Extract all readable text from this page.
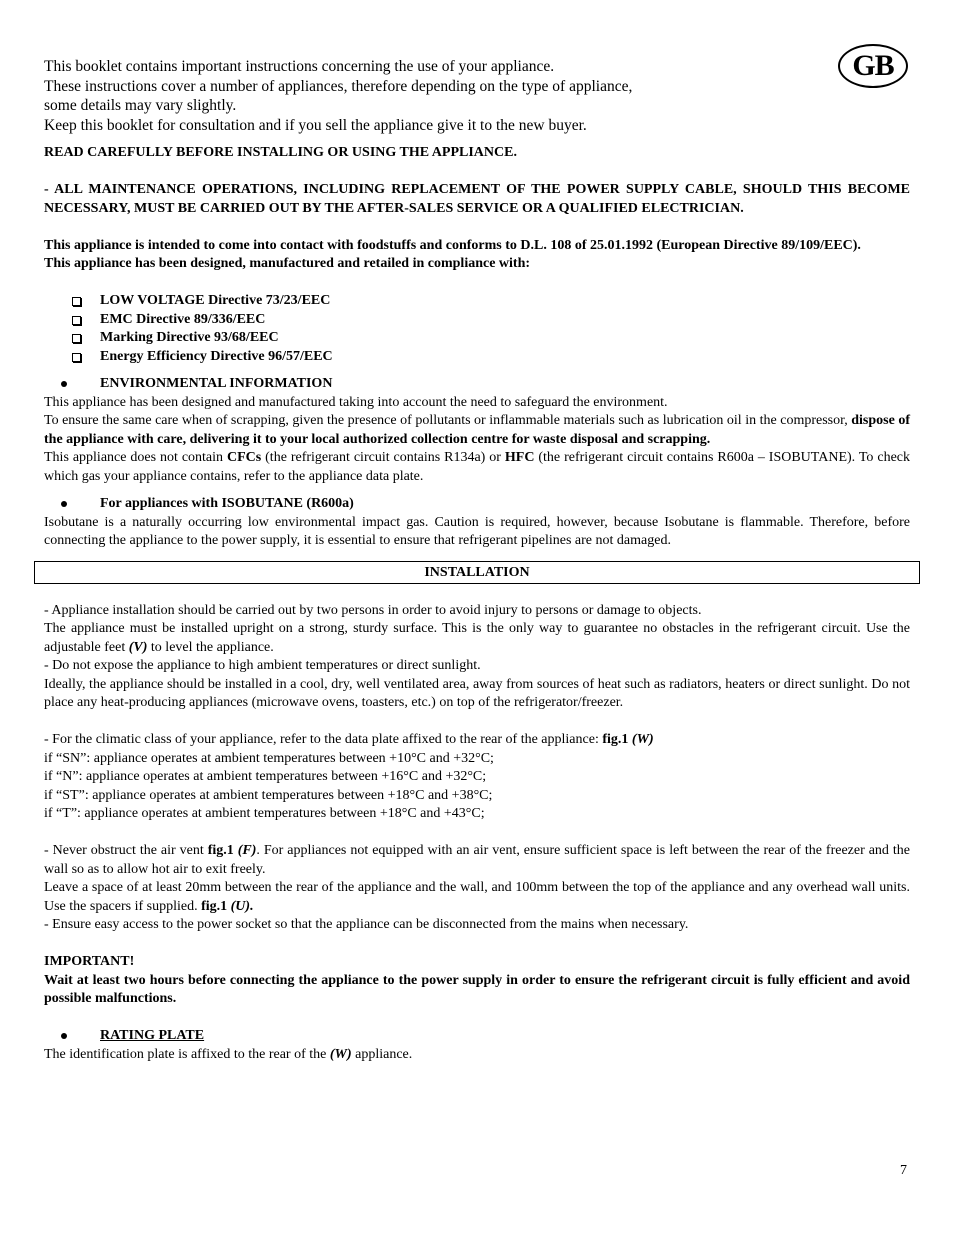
GB

This booklet contains important instructions concerning the use of your appliance.

These instructions cover a number of appliances, therefore depending on the type of appliance,

some details may vary slightly.

Keep this booklet for consultation and if you sell the appliance give it to the new buyer.

READ CAREFULLY BEFORE INSTALLING OR USING THE APPLIANCE.

- ALL MAINTENANCE OPERATIONS, INCLUDING REPLACEMENT OF THE POWER SUPPLY CABLE, SHOULD THIS BECOME NECESSARY, MUST BE CARRIED OUT BY THE AFTER-SALES SERVICE OR A QUALIFIED ELECTRICIAN.

This appliance is intended to come into contact with foodstuffs and conforms to D.L. 108 of 25.01.1992 (European Directive 89/109/EEC).

This appliance has been designed, manufactured and retailed in compliance with:

LOW VOLTAGE Directive 73/23/EEC
EMC Directive 89/336/EEC
Marking Directive 93/68/EEC
Energy Efficiency Directive 96/57/EEC
ENVIRONMENTAL INFORMATION

This appliance has been designed and manufactured taking into account the need to safeguard the environment.

To ensure the same care when of scrapping, given the presence of pollutants or inflammable materials such as lubrication oil in the compressor, dispose of the appliance with care, delivering it to your local authorized collection centre for waste disposal and scrapping.

This appliance does not contain CFCs (the refrigerant circuit contains R134a) or HFC (the refrigerant circuit contains R600a – ISOBUTANE). To check which gas your appliance contains, refer to the appliance data plate.

For appliances with ISOBUTANE (R600a)

Isobutane is a naturally occurring low environmental impact gas. Caution is required, however, because Isobutane is flammable. Therefore, before connecting the appliance to the power supply, it is essential to ensure that refrigerant pipelines are not damaged.

INSTALLATION

- Appliance installation should be carried out by two persons in order to avoid injury to persons or damage to objects.

The appliance must be installed upright on a strong, sturdy surface. This is the only way to guarantee no obstacles in the refrigerant circuit. Use the adjustable feet (V) to level the appliance.

- Do not expose the appliance to high ambient temperatures or direct sunlight.

Ideally, the appliance should be installed in a cool, dry, well ventilated area, away from sources of heat such as radiators, heaters or direct sunlight. Do not place any heat-producing appliances (microwave ovens, toasters, etc.) on top of the refrigerator/freezer.

- For the climatic class of your appliance, refer to the data plate affixed to the rear of the appliance: fig.1 (W)

if “SN”: appliance operates at ambient temperatures between +10°C and +32°C;

if “N”: appliance operates at ambient temperatures between +16°C and +32°C;

if “ST”: appliance operates at ambient temperatures between +18°C and +38°C;

if “T”: appliance operates at ambient temperatures between +18°C and +43°C;

- Never obstruct the air vent fig.1 (F). For appliances not equipped with an air vent, ensure sufficient space is left between the rear of the freezer and the wall so as to allow hot air to exit freely.

Leave a space of at least 20mm between the rear of the appliance and the wall, and 100mm between the top of the appliance and any overhead wall units. Use the spacers if supplied. fig.1 (U).

- Ensure easy access to the power socket so that the appliance can be disconnected from the mains when necessary.

IMPORTANT!

Wait at least two hours before connecting the appliance to the power supply in order to ensure the refrigerant circuit is fully efficient and avoid possible malfunctions.

RATING PLATE

The identification plate is affixed to the rear of the (W) appliance.

7
